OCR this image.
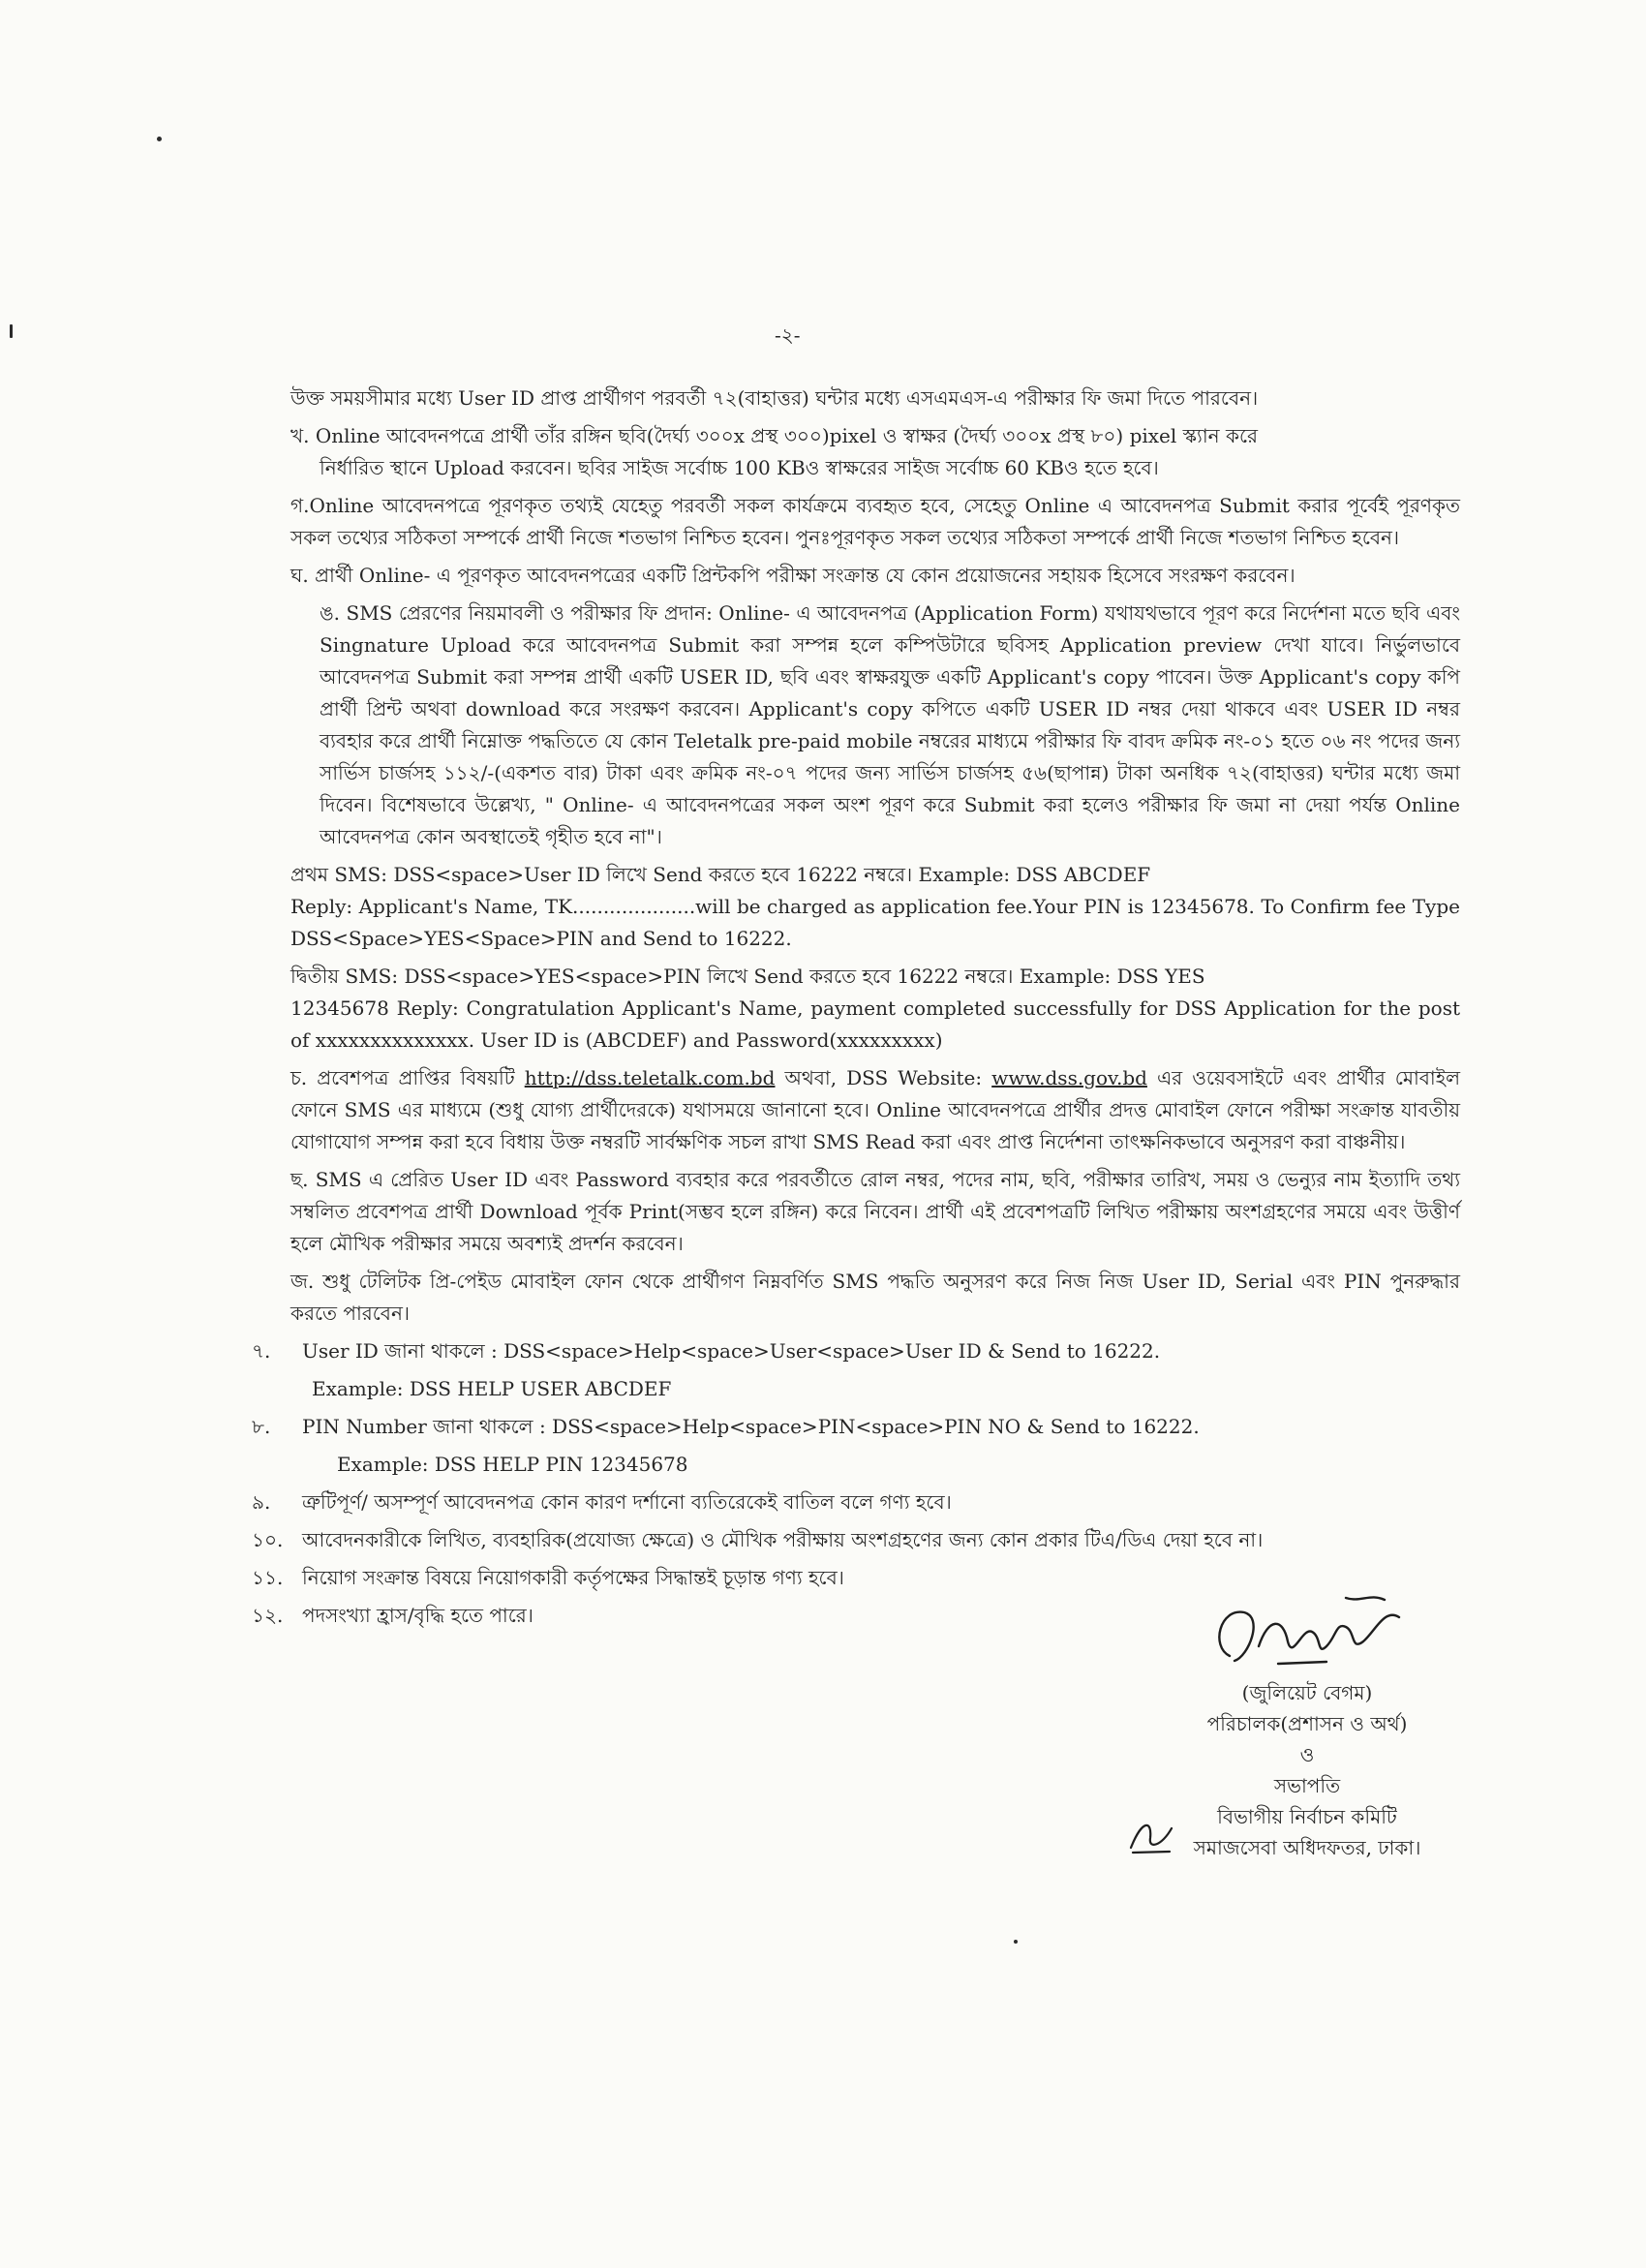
-২-

উক্ত সময়সীমার মধ্যে User ID প্রাপ্ত প্রার্থীগণ পরবর্তী ৭২(বাহাত্তর) ঘন্টার মধ্যে এসএমএস-এ পরীক্ষার ফি জমা দিতে পারবেন।

খ. Online আবেদনপত্রে প্রার্থী তাঁর রঙ্গিন ছবি(দৈর্ঘ্য ৩০০x প্রস্থ ৩০০)pixel ও স্বাক্ষর (দৈর্ঘ্য ৩০০x প্রস্থ ৮০) pixel স্ক্যান করে

নির্ধারিত স্থানে Upload করবেন। ছবির সাইজ সর্বোচ্চ 100 KBও স্বাক্ষরের সাইজ সর্বোচ্চ 60 KBও হতে হবে।

গ.Online আবেদনপত্রে পূরণকৃত তথ্যই যেহেতু পরবর্তী সকল কার্যক্রমে ব্যবহৃত হবে, সেহেতু Online এ আবেদনপত্র Submit করার পূর্বেই পূরণকৃত সকল তথ্যের সঠিকতা সম্পর্কে প্রার্থী নিজে শতভাগ নিশ্চিত হবেন। পুনঃপূরণকৃত সকল তথ্যের সঠিকতা সম্পর্কে প্রার্থী নিজে শতভাগ নিশ্চিত হবেন।

ঘ. প্রার্থী Online- এ পূরণকৃত আবেদনপত্রের একটি প্রিন্টকপি পরীক্ষা সংক্রান্ত যে কোন প্রয়োজনের সহায়ক হিসেবে সংরক্ষণ করবেন।

ঙ. SMS প্রেরণের নিয়মাবলী ও পরীক্ষার ফি প্রদান: Online- এ আবেদনপত্র (Application Form) যথাযথভাবে পূরণ করে নির্দেশনা মতে ছবি এবং Singnature Upload করে আবেদনপত্র Submit করা সম্পন্ন হলে কম্পিউটারে ছবিসহ Application preview দেখা যাবে। নির্ভুলভাবে আবেদনপত্র Submit করা সম্পন্ন প্রার্থী একটি USER ID, ছবি এবং স্বাক্ষরযুক্ত একটি Applicant's copy পাবেন। উক্ত Applicant's copy কপি প্রার্থী প্রিন্ট অথবা download করে সংরক্ষণ করবেন। Applicant's copy কপিতে একটি USER ID নম্বর দেয়া থাকবে এবং USER ID নম্বর ব্যবহার করে প্রার্থী নিম্নোক্ত পদ্ধতিতে যে কোন Teletalk pre-paid mobile নম্বরের মাধ্যমে পরীক্ষার ফি বাবদ ক্রমিক নং-০১ হতে ০৬ নং পদের জন্য সার্ভিস চার্জসহ ১১২/-(একশত বার) টাকা এবং ক্রমিক নং-০৭ পদের জন্য সার্ভিস চার্জসহ ৫৬(ছাপান্ন) টাকা অনধিক ৭২(বাহাত্তর) ঘন্টার মধ্যে জমা দিবেন। বিশেষভাবে উল্লেখ্য, " Online- এ আবেদনপত্রের সকল অংশ পূরণ করে Submit করা হলেও পরীক্ষার ফি জমা না দেয়া পর্যন্ত Online আবেদনপত্র কোন অবস্থাতেই গৃহীত হবে না"।

প্রথম SMS: DSS<space>User ID লিখে Send করতে হবে 16222 নম্বরে। Example: DSS ABCDEF

Reply: Applicant's Name, TK....................will be charged as application fee.Your PIN is 12345678. To Confirm fee Type DSS<Space>YES<Space>PIN and Send to 16222.

দ্বিতীয় SMS: DSS<space>YES<space>PIN লিখে Send করতে হবে 16222 নম্বরে। Example: DSS YES

12345678 Reply: Congratulation Applicant's Name, payment completed successfully for DSS Application for the post of xxxxxxxxxxxxxx. User ID is (ABCDEF) and Password(xxxxxxxxx)

চ. প্রবেশপত্র প্রাপ্তির বিষয়টি http://dss.teletalk.com.bd অথবা, DSS Website: www.dss.gov.bd এর ওয়েবসাইটে এবং প্রার্থীর মোবাইল ফোনে SMS এর মাধ্যমে (শুধু যোগ্য প্রার্থীদেরকে) যথাসময়ে জানানো হবে। Online আবেদনপত্রে প্রার্থীর প্রদত্ত মোবাইল ফোনে পরীক্ষা সংক্রান্ত যাবতীয় যোগাযোগ সম্পন্ন করা হবে বিধায় উক্ত নম্বরটি সার্বক্ষণিক সচল রাখা SMS Read করা এবং প্রাপ্ত নির্দেশনা তাৎক্ষনিকভাবে অনুসরণ করা বাঞ্চনীয়।

ছ. SMS এ প্রেরিত User ID এবং Password ব্যবহার করে পরবর্তীতে রোল নম্বর, পদের নাম, ছবি, পরীক্ষার তারিখ, সময় ও ভেন্যুর নাম ইত্যাদি তথ্য সম্বলিত প্রবেশপত্র প্রার্থী Download পূর্বক Print(সম্ভব হলে রঙ্গিন) করে নিবেন। প্রার্থী এই প্রবেশপত্রটি লিখিত পরীক্ষায় অংশগ্রহণের সময়ে এবং উত্তীর্ণ হলে মৌখিক পরীক্ষার সময়ে অবশ্যই প্রদর্শন করবেন।

জ. শুধু টেলিটক প্রি-পেইড মোবাইল ফোন থেকে প্রার্থীগণ নিম্নবর্ণিত SMS পদ্ধতি অনুসরণ করে নিজ নিজ User ID, Serial এবং PIN পুনরুদ্ধার করতে পারবেন।

৭. User ID জানা থাকলে : DSS<space>Help<space>User<space>User ID & Send to 16222.

Example: DSS HELP USER ABCDEF

৮. PIN Number জানা থাকলে : DSS<space>Help<space>PIN<space>PIN NO & Send to 16222.

Example: DSS HELP PIN 12345678

৯. ত্রুটিপূর্ণ/ অসম্পূর্ণ আবেদনপত্র কোন কারণ দর্শানো ব্যতিরেকেই বাতিল বলে গণ্য হবে।

১০. আবেদনকারীকে লিখিত, ব্যবহারিক(প্রযোজ্য ক্ষেত্রে) ও মৌখিক পরীক্ষায় অংশগ্রহণের জন্য কোন প্রকার টিএ/ডিএ দেয়া হবে না।

১১. নিয়োগ সংক্রান্ত বিষয়ে নিয়োগকারী কর্তৃপক্ষের সিদ্ধান্তই চূড়ান্ত গণ্য হবে।

১২. পদসংখ্যা হ্রাস/বৃদ্ধি হতে পারে।

(জুলিয়েট বেগম)
পরিচালক(প্রশাসন ও অর্থ)
ও
সভাপতি
বিভাগীয় নির্বাচন কমিটি
সমাজসেবা অধিদফতর, ঢাকা।
